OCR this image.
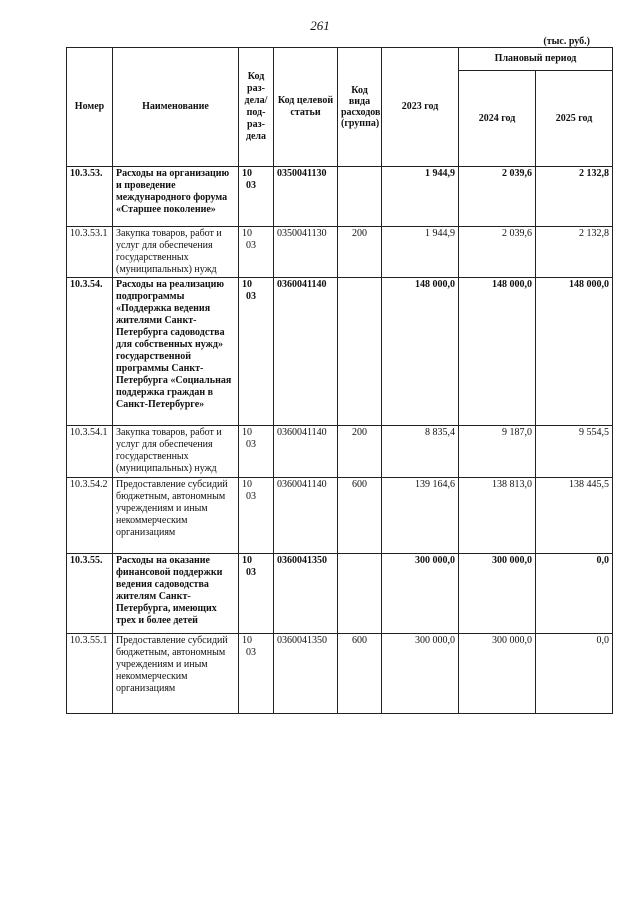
261
(тыс. руб.)
Номер	Наименование	Код раз- дела/ под- раз- дела	Код целевой статьи	Код вида расходов (группа)	2023 год	Плановый период	
						2024 год	2025 год
10.3.53.	Расходы на организацию и проведение международного форума «Старшее поколение»	1003	0350041130		1 944,9	2 039,6	2 132,8
10.3.53.1	Закупка товаров, работ и услуг для обеспечения государственных (муниципальных) нужд	1003	0350041130	200	1 944,9	2 039,6	2 132,8
10.3.54.	Расходы на реализацию подпрограммы «Поддержка ведения жителями Санкт-Петербурга садоводства для собственных нужд» государственной программы Санкт-Петербурга «Социальная поддержка граждан в Санкт-Петербурге»	1003	0360041140		148 000,0	148 000,0	148 000,0
10.3.54.1	Закупка товаров, работ и услуг для обеспечения государственных (муниципальных) нужд	1003	0360041140	200	8 835,4	9 187,0	9 554,5
10.3.54.2	Предоставление субсидий бюджетным, автономным учреждениям и иным некоммерческим организациям	1003	0360041140	600	139 164,6	138 813,0	138 445,5
10.3.55.	Расходы на оказание финансовой поддержки ведения садоводства жителям Санкт-Петербурга, имеющих трех и более детей	1003	0360041350		300 000,0	300 000,0	0,0
10.3.55.1	Предоставление субсидий бюджетным, автономным учреждениям и иным некоммерческим организациям	1003	0360041350	600	300 000,0	300 000,0	0,0
